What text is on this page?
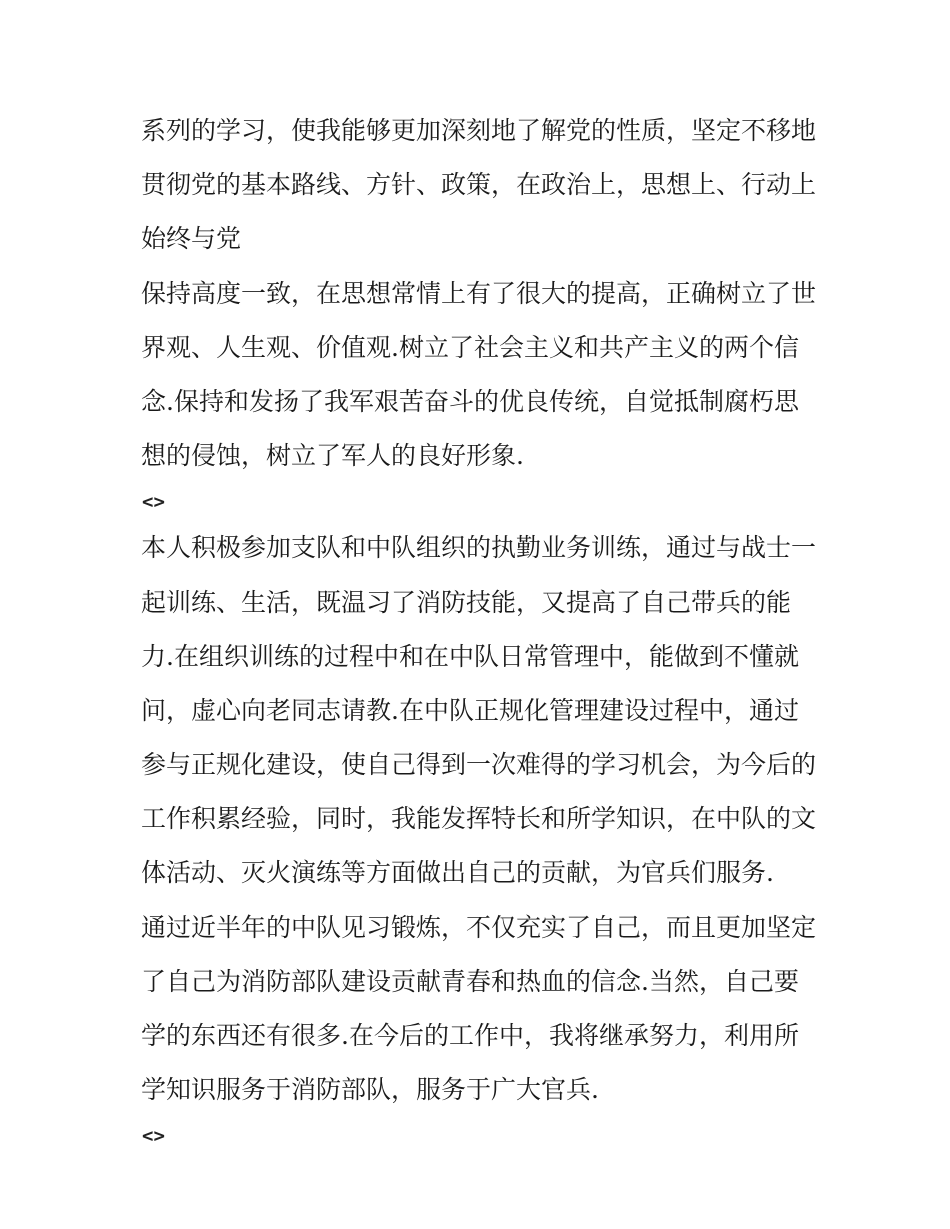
系列的学习，使我能够更加深刻地了解党的性质，坚定不移地
贯彻党的基本路线、方针、政策，在政治上，思想上、行动上
始终与党
保持高度一致，在思想常情上有了很大的提高，正确树立了世
界观、人生观、价值观.树立了社会主义和共产主义的两个信
念.保持和发扬了我军艰苦奋斗的优良传统，自觉抵制腐朽思
想的侵蚀，树立了军人的良好形象.
<>
本人积极参加支队和中队组织的执勤业务训练，通过与战士一
起训练、生活，既温习了消防技能，又提高了自己带兵的能
力.在组织训练的过程中和在中队日常管理中，能做到不懂就
问，虚心向老同志请教.在中队正规化管理建设过程中，通过
参与正规化建设，使自己得到一次难得的学习机会，为今后的
工作积累经验，同时，我能发挥特长和所学知识，在中队的文
体活动、灭火演练等方面做出自己的贡献，为官兵们服务.
通过近半年的中队见习锻炼，不仅充实了自己，而且更加坚定
了自己为消防部队建设贡献青春和热血的信念.当然，自己要
学的东西还有很多.在今后的工作中，我将继承努力，利用所
学知识服务于消防部队，服务于广大官兵.
<>
